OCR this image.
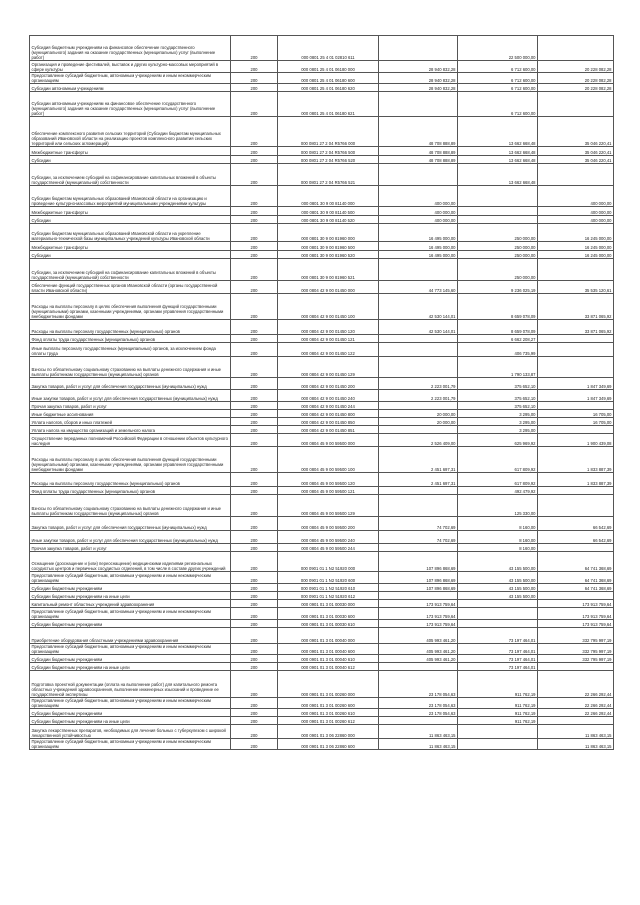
Субсидия бюджетным учреждениям на финансовое обеспечение государственного (муниципального) задания на оказание государственных (муниципальных) услуг (выполнение работ)	200	000 0801 25 4 01 02810 611		22 500 000,00	
Организация и проведение фестивалей, выставок и других культурно-массовых мероприятий в сфере культуры	200	000 0801 25 4 01 06180 000	28 940 832,28	6 712 600,00	20 228 082,28
Предоставление субсидий бюджетным, автономным учреждениям и иным некоммерческим организациям	200	000 0801 25 4 01 06180 600	28 940 832,28	6 712 600,00	20 228 082,28
Субсидии автономным учреждениям	200	000 0801 25 4 01 06180 620	28 940 832,28	6 712 600,00	20 228 082,28
Субсидии автономным учреждениям на финансовое обеспечение государственного (муниципального) задания на оказание государственных (муниципальных) услуг (выполнение работ)	200	000 0801 25 4 01 06180 621		6 712 600,00	
Обеспечение комплексного развития сельских территорий (Субсидии бюджетам муниципальных образований Ивановской области на реализацию проектов комплексного развития сельских территорий или сельских агломераций)	200	000 0801 27 2 04 R5766 000	48 708 888,89	13 662 668,48	35 046 220,41
Межбюджетные трансферты	200	000 0801 27 2 04 R5766 500	48 708 888,89	13 662 668,48	35 046 220,41
Субсидии	200	000 0801 27 2 04 R5766 520	48 708 888,89	13 662 668,48	35 046 220,41
Субсидии, за исключением субсидий на софинансирование капитальных вложений в объекты государственной (муниципальной) собственности	200	000 0801 27 2 04 R5766 521		13 662 668,48	
Субсидии бюджетам муниципальных образований Ивановской области на организацию и проведение культурно-массовых мероприятий муниципальными учреждениями культуры	200	000 0801 30 9 00 81140 000	400 000,00		400 000,00
Межбюджетные трансферты	200	000 0801 30 9 00 81140 500	400 000,00		400 000,00
Субсидии	200	000 0801 30 9 00 81140 520	400 000,00		400 000,00
Субсидии бюджетам муниципальных образований Ивановской области на укрепление материально-технической базы муниципальных учреждений культуры Ивановской области	200	000 0801 30 9 00 81960 000	16 495 000,00	250 000,00	16 245 000,00
Межбюджетные трансферты	200	000 0801 30 9 00 81960 500	16 495 000,00	250 000,00	16 245 000,00
Субсидии	200	000 0801 30 9 00 81960 520	16 495 000,00	250 000,00	16 245 000,00
Субсидии, за исключением субсидий на софинансирование капитальных вложений в объекты государственной (муниципальной) собственности	200	000 0801 30 9 00 81960 521		250 000,00	
Обеспечение функций государственных органов Ивановской области (органы государственной власти Ивановской области)	200	000 0804 42 9 00 01450 000	44 773 145,60	9 236 025,19	35 535 120,61
Расходы на выплаты персоналу в целях обеспечения выполнения функций государственными (муниципальными) органами, казенными учреждениями, органами управления государственными внебюджетными фондами	200	000 0804 42 9 00 01450 100	42 530 144,01	8 659 078,09	33 871 065,92
Расходы на выплаты персоналу государственных (муниципальных) органов	200	000 0804 42 9 00 01450 120	42 530 144,01	8 659 078,09	33 871 065,92
Фонд оплаты труда государственных (муниципальных) органов	200	000 0804 42 9 00 01450 121		6 662 208,27	
Иные выплаты персоналу государственных (муниципальных) органов, за исключением фонда оплаты труда	200	000 0804 42 9 00 01450 122		406 735,99	
Взносы по обязательному социальному страхованию на выплаты денежного содержания и иные выплаты работникам государственных (муниципальных) органов	200	000 0804 42 9 00 01450 129		1 790 133,87	
Закупка товаров, работ и услуг для обеспечения государственных (муниципальных) нужд	200	000 0804 42 9 00 01450 200	2 223 001,79	375 652,10	1 847 349,69
Иные закупки товаров, работ и услуг для обеспечения государственных (муниципальных) нужд	200	000 0804 42 9 00 01450 240	2 223 001,79	375 652,10	1 847 349,69
Прочая закупка товаров, работ и услуг	200	000 0804 42 9 00 01450 244		375 652,10	
Иные бюджетные ассигнования	200	000 0804 42 9 00 01450 800	20 000,00	3 295,00	16 705,00
Уплата налогов, сборов и иных платежей	200	000 0804 42 9 00 01450 850	20 000,00	3 295,00	16 705,00
Уплата налога на имущество организаций и земельного налога	200	000 0804 42 9 00 01450 851		3 295,00	
Осуществление переданных полномочий Российской Федерации в отношении объектов культурного наследия	200	000 0804 45 9 00 59500 000	2 526 409,00	625 969,92	1 900 439,08
Расходы на выплаты персоналу в целях обеспечения выполнения функций государственными (муниципальными) органами, казенными учреждениями, органами управления государственными внебюджетными фондами	200	000 0804 45 9 00 59500 100	2 451 697,31	617 809,92	1 833 887,39
Расходы на выплаты персоналу государственных (муниципальных) органов	200	000 0804 45 9 00 59500 120	2 451 697,31	617 809,92	1 833 887,39
Фонд оплаты труда государственных (муниципальных) органов	200	000 0804 45 9 00 59500 121		492 479,92	
Взносы по обязательному социальному страхованию на выплаты денежного содержания и иные выплаты работникам государственных (муниципальных) органов	200	000 0804 45 9 00 59500 129		125 330,00	
Закупка товаров, работ и услуг для обеспечения государственных (муниципальных) нужд	200	000 0804 45 9 00 59500 200	74 702,69	8 160,00	66 542,69
Иные закупки товаров, работ и услуг для обеспечения государственных (муниципальных) нужд	200	000 0804 45 9 00 59500 240	74 702,69	8 160,00	66 542,69
Прочая закупка товаров, работ и услуг	200	000 0804 45 9 00 59500 244		8 160,00	
Оснащение (дооснащение и (или) переоснащение) медицинскими изделиями региональных сосудистых центров и первичных сосудистых отделений, в том числе в составе других учреждений	200	000 0901 01 1 N2 51920 000	107 896 868,69	43 155 500,00	64 741 368,69
Предоставление субсидий бюджетным, автономным учреждениям и иным некоммерческим организациям	200	000 0901 01 1 N2 51920 600	107 896 868,69	43 155 500,00	64 741 368,69
Субсидии бюджетным учреждениям	200	000 0901 01 1 N2 51920 610	107 896 868,69	43 155 500,00	64 741 368,69
Субсидии бюджетным учреждениям на иные цели	200	000 0901 01 1 N2 51920 612		43 155 500,00	
Капитальный ремонт областных учреждений здравоохранения	200	000 0901 01 3 01 00030 000	173 913 759,64		173 913 759,64
Предоставление субсидий бюджетным, автономным учреждениям и иным некоммерческим организациям	200	000 0901 01 3 01 00030 600	173 913 759,64		173 913 759,64
Субсидии бюджетным учреждениям	200	000 0901 01 3 01 00030 610	173 913 759,64		173 913 759,64
Приобретение оборудования областными учреждениями здравоохранения	200	000 0901 01 3 01 00040 000	405 993 461,20	73 197 464,01	332 795 997,19
Предоставление субсидий бюджетным, автономным учреждениям и иным некоммерческим организациям	200	000 0901 01 3 01 00040 600	405 993 461,20	73 197 464,01	332 795 997,19
Субсидии бюджетным учреждениям	200	000 0901 01 3 01 00040 610	405 993 461,20	73 197 464,01	332 795 997,19
Субсидии бюджетным учреждениям на иные цели	200	000 0901 01 3 01 00040 612		73 197 464,01	
Подготовка проектной документации (оплата на выполнение работ) для капитального ремонта областных учреждений здравоохранения, выполнение инженерных изысканий и проведение ее государственной экспертизы	200	000 0901 01 3 01 00260 000	23 178 054,63	911 762,19	22 266 292,44
Предоставление субсидий бюджетным, автономным учреждениям и иным некоммерческим организациям	200	000 0901 01 3 01 00260 600	23 178 054,63	911 762,19	22 266 292,44
Субсидии бюджетным учреждениям	200	000 0901 01 3 01 00260 610	23 178 054,63	911 762,19	22 266 292,44
Субсидии бюджетным учреждениям на иные цели	200	000 0901 01 3 01 00260 612		911 762,19	
Закупка лекарственных препаратов, необходимых для лечения больных с туберкулезом с широкой лекарственной устойчивостью	200	000 0901 01 3 06 22860 000	11 863 463,15		11 863 463,15
Предоставление субсидий бюджетным, автономным учреждениям и иным некоммерческим организациям	200	000 0901 01 3 06 22860 600	11 863 463,15		11 863 463,15
